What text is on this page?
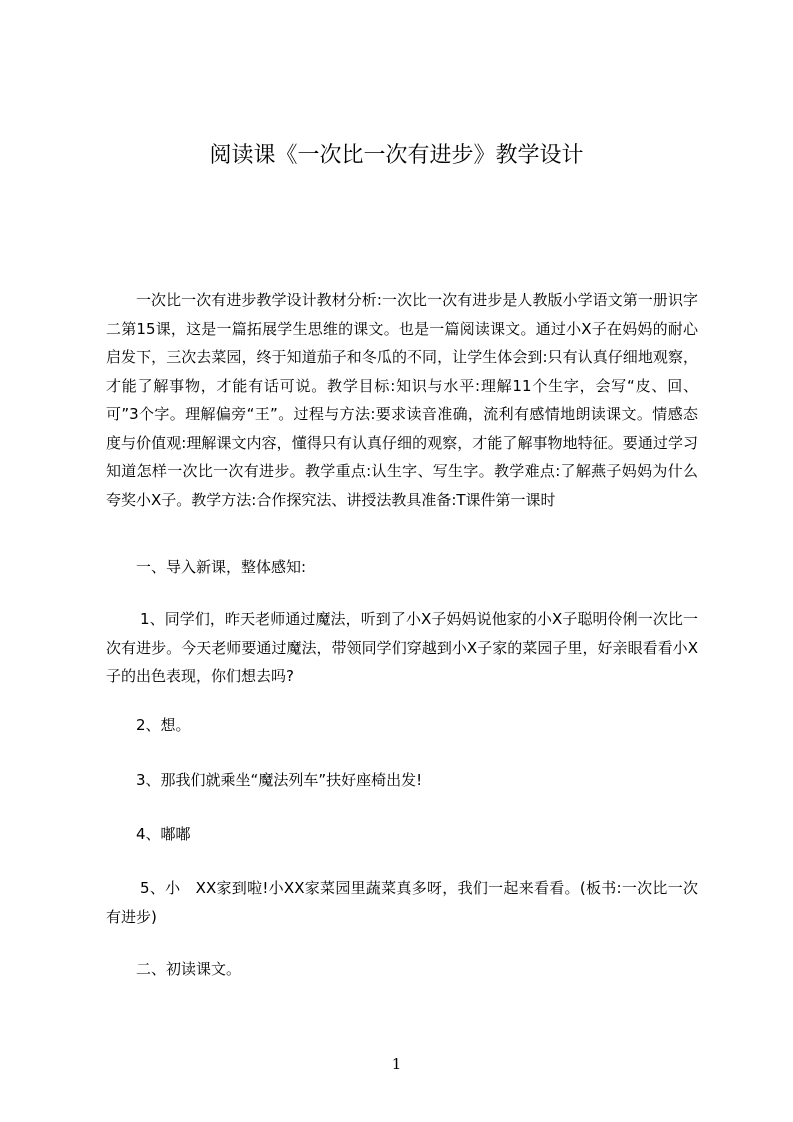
阅读课《一次比一次有进步》教学设计
一次比一次有进步教学设计教材分析:一次比一次有进步是人教版小学语文第一册识字二第15课，这是一篇拓展学生思维的课文。也是一篇阅读课文。通过小X子在妈妈的耐心启发下，三次去菜园，终于知道茄子和冬瓜的不同，让学生体会到:只有认真仔细地观察，才能了解事物，才能有话可说。教学目标:知识与水平:理解11个生字，会写“皮、回、可”3个字。理解偏旁“王”。过程与方法:要求读音准确，流利有感情地朗读课文。情感态度与价值观:理解课文内容，懂得只有认真仔细的观察，才能了解事物地特征。要通过学习知道怎样一次比一次有进步。教学重点:认生字、写生字。教学难点:了解燕子妈妈为什么夸奖小X子。教学方法:合作探究法、讲授法教具准备:T课件第一课时
一、导入新课，整体感知:
1、同学们，昨天老师通过魔法，听到了小X子妈妈说他家的小X子聪明伶俐一次比一次有进步。今天老师要通过魔法，带领同学们穿越到小X子家的菜园子里，好亲眼看看小X子的出色表现，你们想去吗?
2、想。
3、那我们就乘坐“魔法列车”扶好座椅出发!
4、嘟嘟
5、小　XX家到啦!小XX家菜园里蔬菜真多呀，我们一起来看看。(板书:一次比一次有进步)
二、初读课文。
1
